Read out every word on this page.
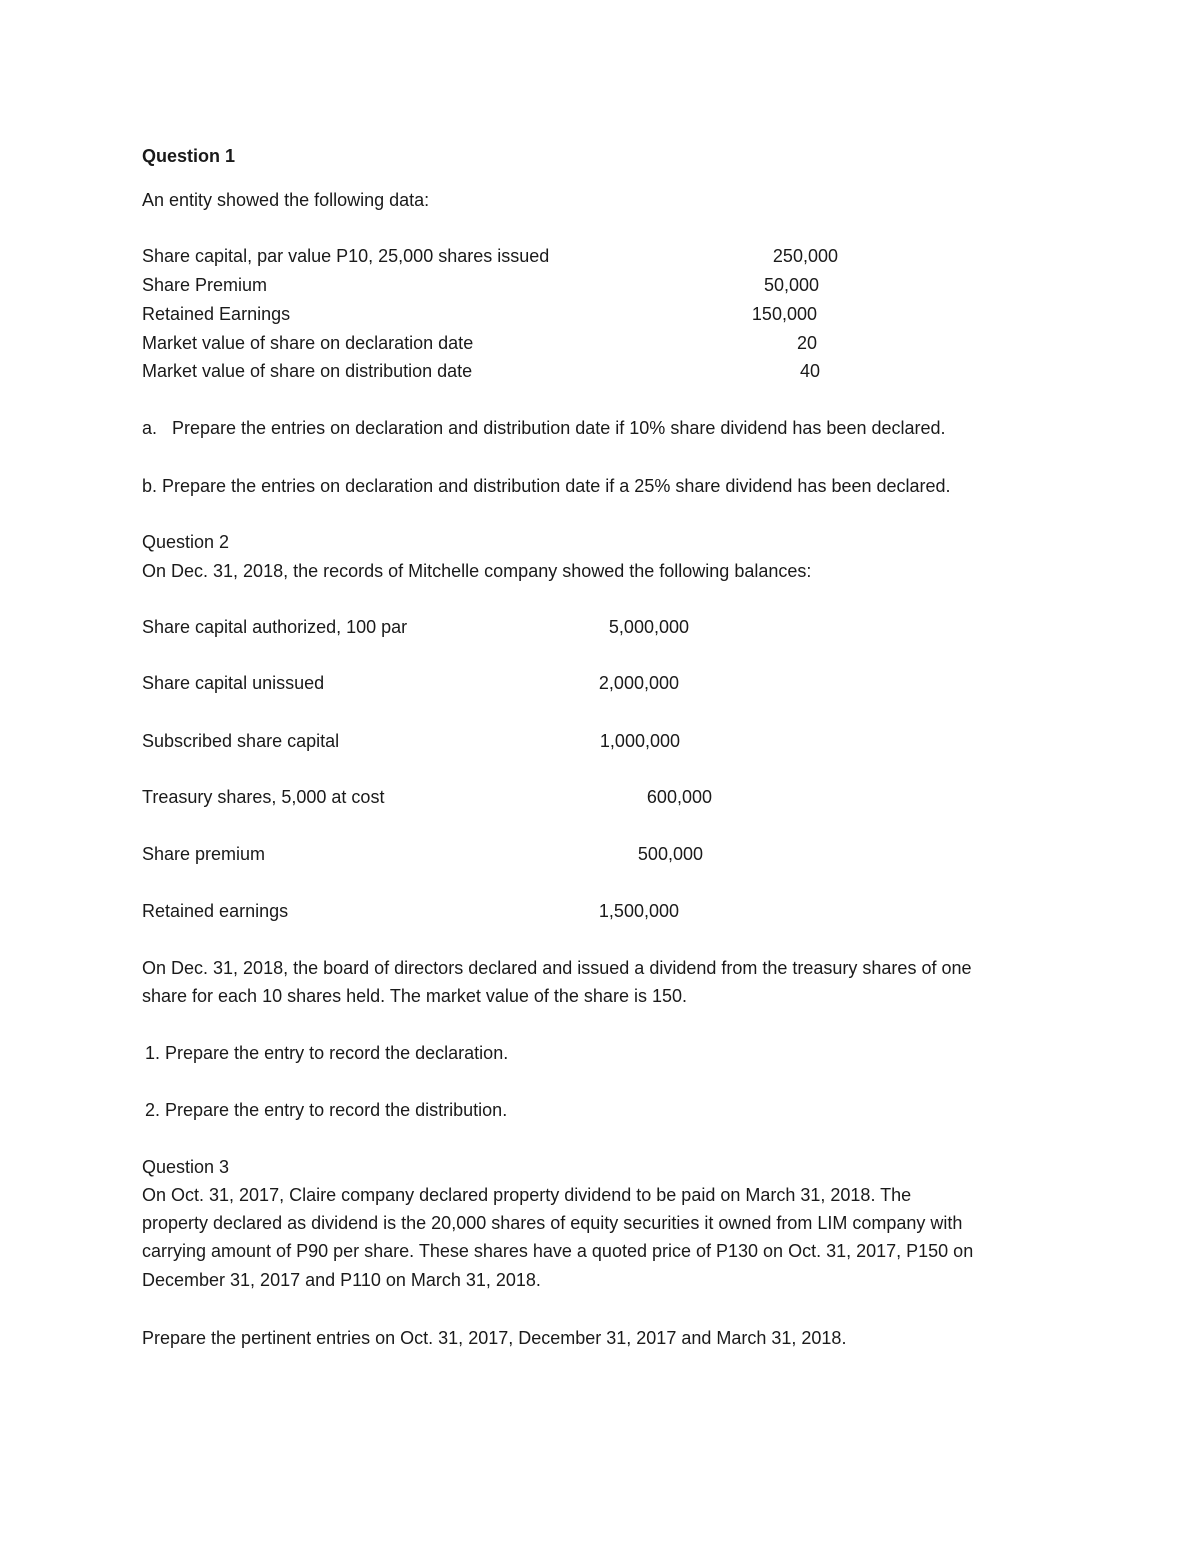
Question 1
An entity showed the following data:
Share capital, par value P10, 25,000 shares issued	250,000
Share Premium	50,000
Retained Earnings	150,000
Market value of share on declaration date	20
Market value of share on distribution date	40
a. Prepare the entries on declaration and distribution date if 10% share dividend has been declared.
b. Prepare the entries on declaration and distribution date if a 25% share dividend has been declared.
Question 2
On Dec. 31, 2018, the records of Mitchelle company showed the following balances:
Share capital authorized, 100 par	5,000,000
Share capital unissued	2,000,000
Subscribed share capital	1,000,000
Treasury shares, 5,000 at cost	600,000
Share premium	500,000
Retained earnings	1,500,000
On Dec. 31, 2018, the board of directors declared and issued a dividend from the treasury shares of one
share for each 10 shares held. The market value of the share is 150.
1. Prepare the entry to record the declaration.
2. Prepare the entry to record the distribution.
Question 3
On Oct. 31, 2017, Claire company declared property dividend to be paid on March 31, 2018. The
property declared as dividend is the 20,000 shares of equity securities it owned from LIM company with
carrying amount of P90 per share. These shares have a quoted price of P130 on Oct. 31, 2017, P150 on
December 31, 2017 and P110 on March 31, 2018.
Prepare the pertinent entries on Oct. 31, 2017, December 31, 2017 and March 31, 2018.
